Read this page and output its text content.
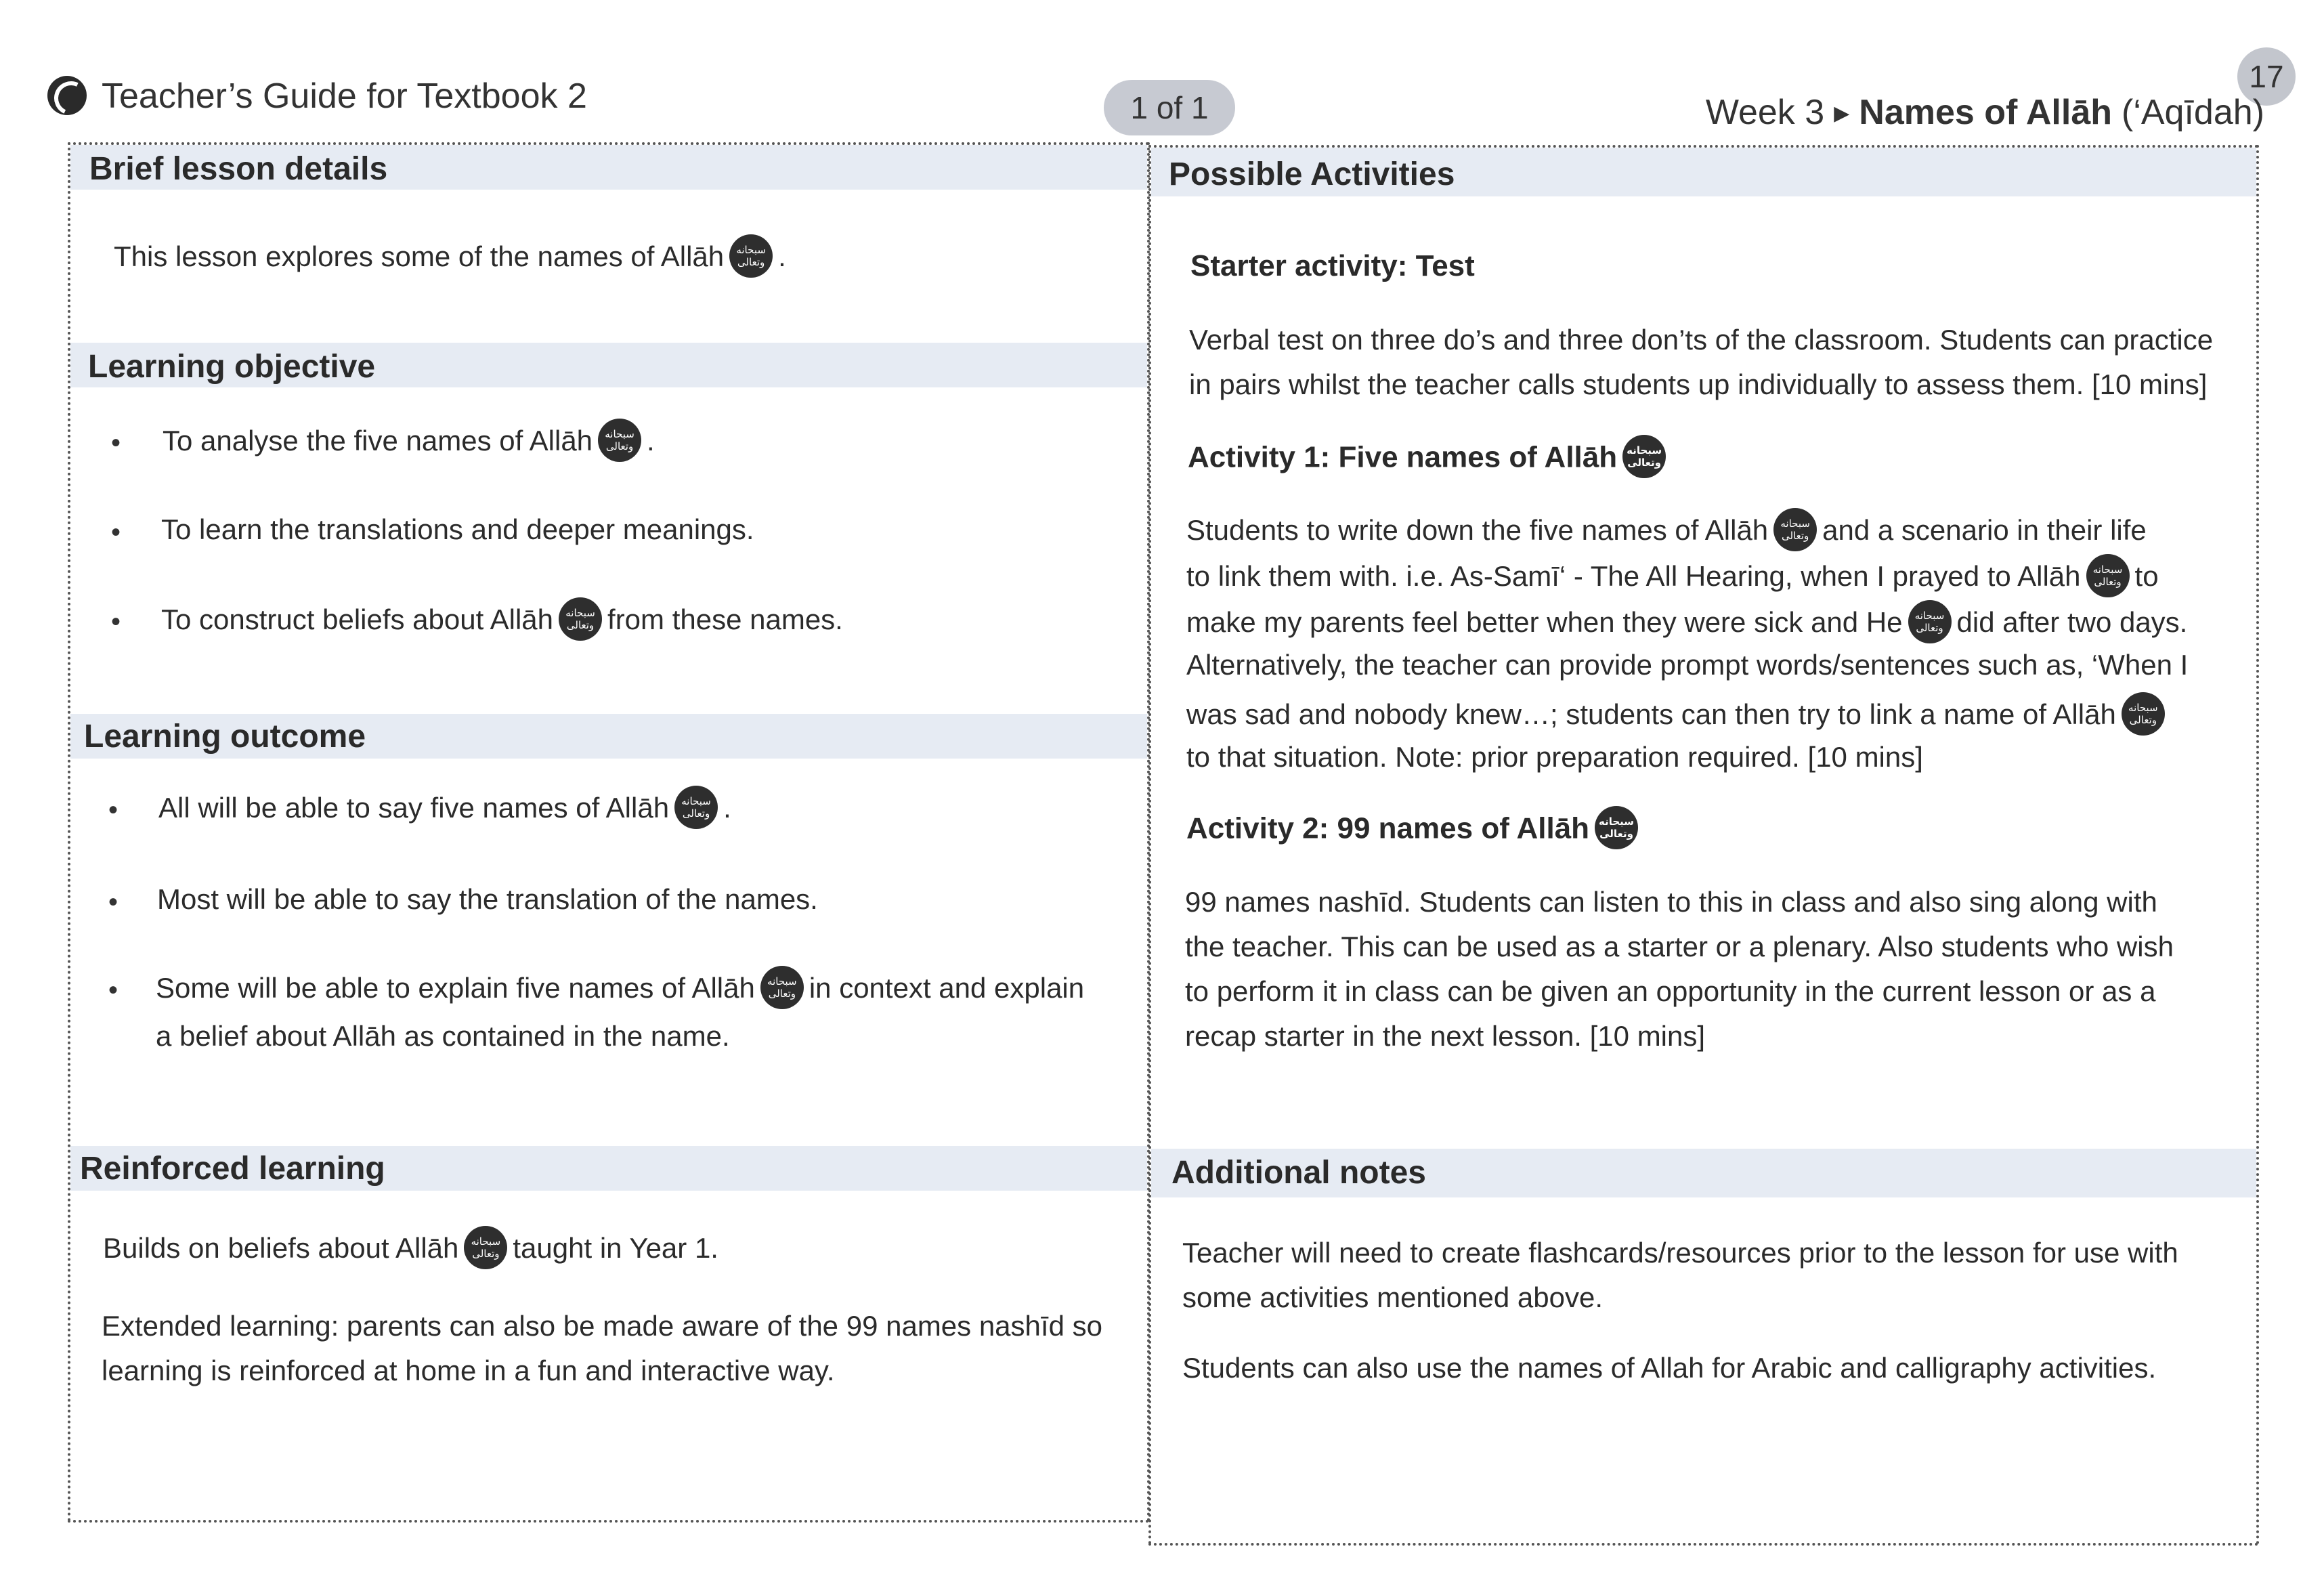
Teacher’s Guide for Textbook 2	1 of 1
17
Week 3 ▶ Names of Allāh (‘Aqīdah)
Brief lesson details
This lesson explores some of the names of Allāh	سبحانه
وتعالى .
Learning objective
• To analyse the five names of Allāh	سبحانه
وتعالى .
• To learn the translations and deeper meanings.
• To construct beliefs about Allāh	سبحانه
وتعالى from these names.
Learning outcome
• All will be able to say five names of Allāh	سبحانه
وتعالى .
• Most will be able to say the translation of the names.
• Some will be able to explain five names of Allāh	سبحانه
وتعالى in context and explain
a belief about Allāh as contained in the name.
Reinforced learning
Builds on beliefs about Allāh	سبحانه
وتعالى taught in Year 1.
Extended learning: parents can also be made aware of the 99 names nashīd so
learning is reinforced at home in a fun and interactive way.
Possible Activities
Starter activity: Test
Verbal test on three do’s and three don’ts of the classroom. Students can practice
in pairs whilst the teacher calls students up individually to assess them. [10 mins]
Activity 1: Five names of Allāh سبحانه
وتعالى
Students to write down the five names of Allāh	سبحانه
وتعالى and a scenario in their life
to link them with. i.e. As-Samī‘ - The All Hearing, when I prayed to Allāh	سبحانه
وتعالى to
make my parents feel better when they were sick and He	سبحانه
وتعالى did after two days.
Alternatively, the teacher can provide prompt words/sentences such as, ‘When I
was sad and nobody knew…; students can then try to link a name of Allāh	سبحانه
وتعالى
to that situation. Note: prior preparation required. [10 mins]
Activity 2: 99 names of Allāh سبحانه
وتعالى
99 names nashīd. Students can listen to this in class and also sing along with
the teacher. This can be used as a starter or a plenary. Also students who wish
to perform it in class can be given an opportunity in the current lesson or as a
recap starter in the next lesson. [10 mins]
Additional notes
Teacher will need to create flashcards/resources prior to the lesson for use with
some activities mentioned above.
Students can also use the names of Allah for Arabic and calligraphy activities.
